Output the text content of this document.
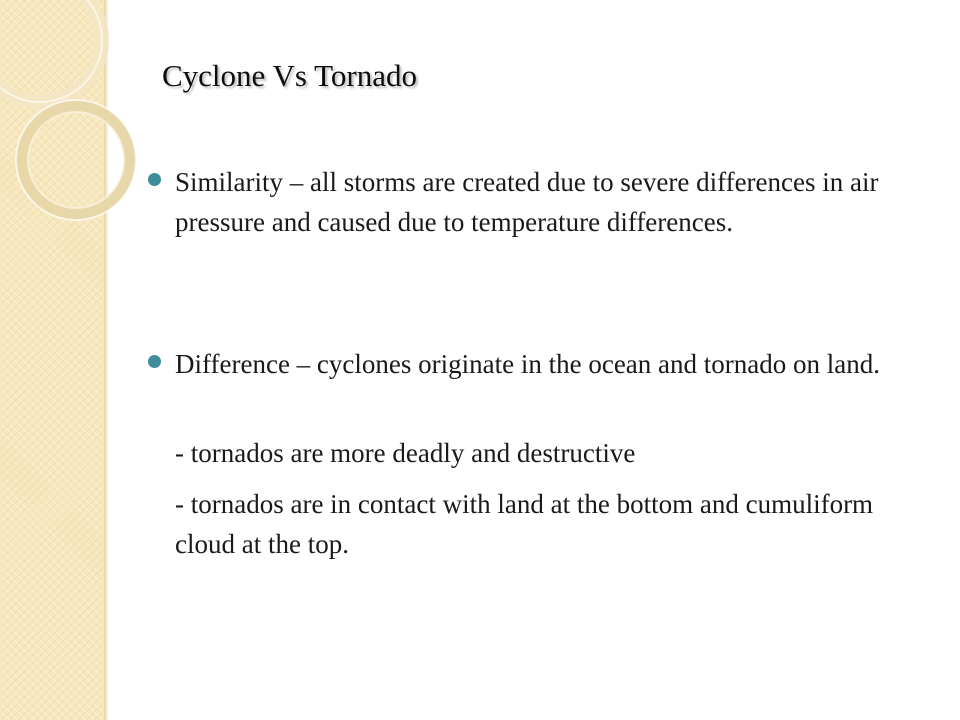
Cyclone Vs Tornado
Similarity – all storms are created due to severe differences in air pressure and caused due to temperature differences.
Difference – cyclones originate in the ocean and tornado on land.
- tornados are more deadly and destructive
- tornados are in contact with land at the bottom and cumuliform cloud at the top.
